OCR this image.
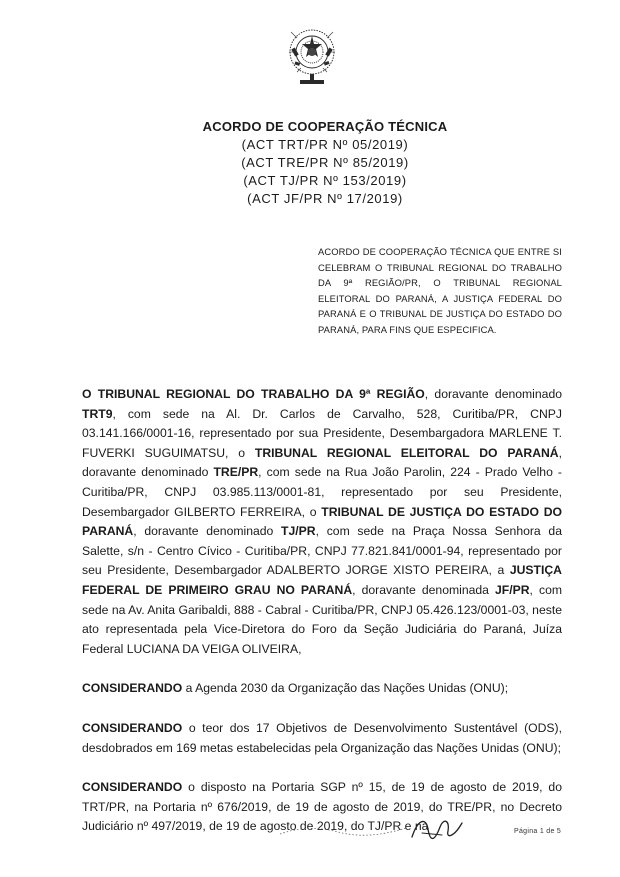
ACORDO DE COOPERAÇÃO TÉCNICA
(ACT TRT/PR Nº 05/2019)
(ACT TRE/PR Nº 85/2019)
(ACT TJ/PR Nº 153/2019)
(ACT JF/PR Nº 17/2019)
ACORDO DE COOPERAÇÃO TÉCNICA QUE ENTRE SI CELEBRAM O TRIBUNAL REGIONAL DO TRABALHO DA 9ª REGIÃO/PR, O TRIBUNAL REGIONAL ELEITORAL DO PARANÁ, A JUSTIÇA FEDERAL DO PARANÁ E O TRIBUNAL DE JUSTIÇA DO ESTADO DO PARANÁ, PARA FINS QUE ESPECIFICA.

O TRIBUNAL REGIONAL DO TRABALHO DA 9ª REGIÃO, doravante denominado TRT9, com sede na Al. Dr. Carlos de Carvalho, 528, Curitiba/PR, CNPJ 03.141.166/0001-16, representado por sua Presidente, Desembargadora MARLENE T. FUVERKI SUGUIMATSU, o TRIBUNAL REGIONAL ELEITORAL DO PARANÁ, doravante denominado TRE/PR, com sede na Rua João Parolin, 224 - Prado Velho - Curitiba/PR, CNPJ 03.985.113/0001-81, representado por seu Presidente, Desembargador GILBERTO FERREIRA, o TRIBUNAL DE JUSTIÇA DO ESTADO DO PARANÁ, doravante denominado TJ/PR, com sede na Praça Nossa Senhora da Salette, s/n - Centro Cívico - Curitiba/PR, CNPJ 77.821.841/0001-94, representado por seu Presidente, Desembargador ADALBERTO JORGE XISTO PEREIRA, a JUSTIÇA FEDERAL DE PRIMEIRO GRAU NO PARANÁ, doravante denominada JF/PR, com sede na Av. Anita Garibaldi, 888 - Cabral - Curitiba/PR, CNPJ 05.426.123/0001-03, neste ato representada pela Vice-Diretora do Foro da Seção Judiciária do Paraná, Juíza Federal LUCIANA DA VEIGA OLIVEIRA,

CONSIDERANDO a Agenda 2030 da Organização das Nações Unidas (ONU);

CONSIDERANDO o teor dos 17 Objetivos de Desenvolvimento Sustentável (ODS), desdobrados em 169 metas estabelecidas pela Organização das Nações Unidas (ONU);

CONSIDERANDO o disposto na Portaria SGP nº 15, de 19 de agosto de 2019, do TRT/PR, na Portaria nº 676/2019, de 19 de agosto de 2019, do TRE/PR, no Decreto Judiciário nº 497/2019, de 19 de agosto de 2019, do TJ/PR e na	Página 1 de 5
